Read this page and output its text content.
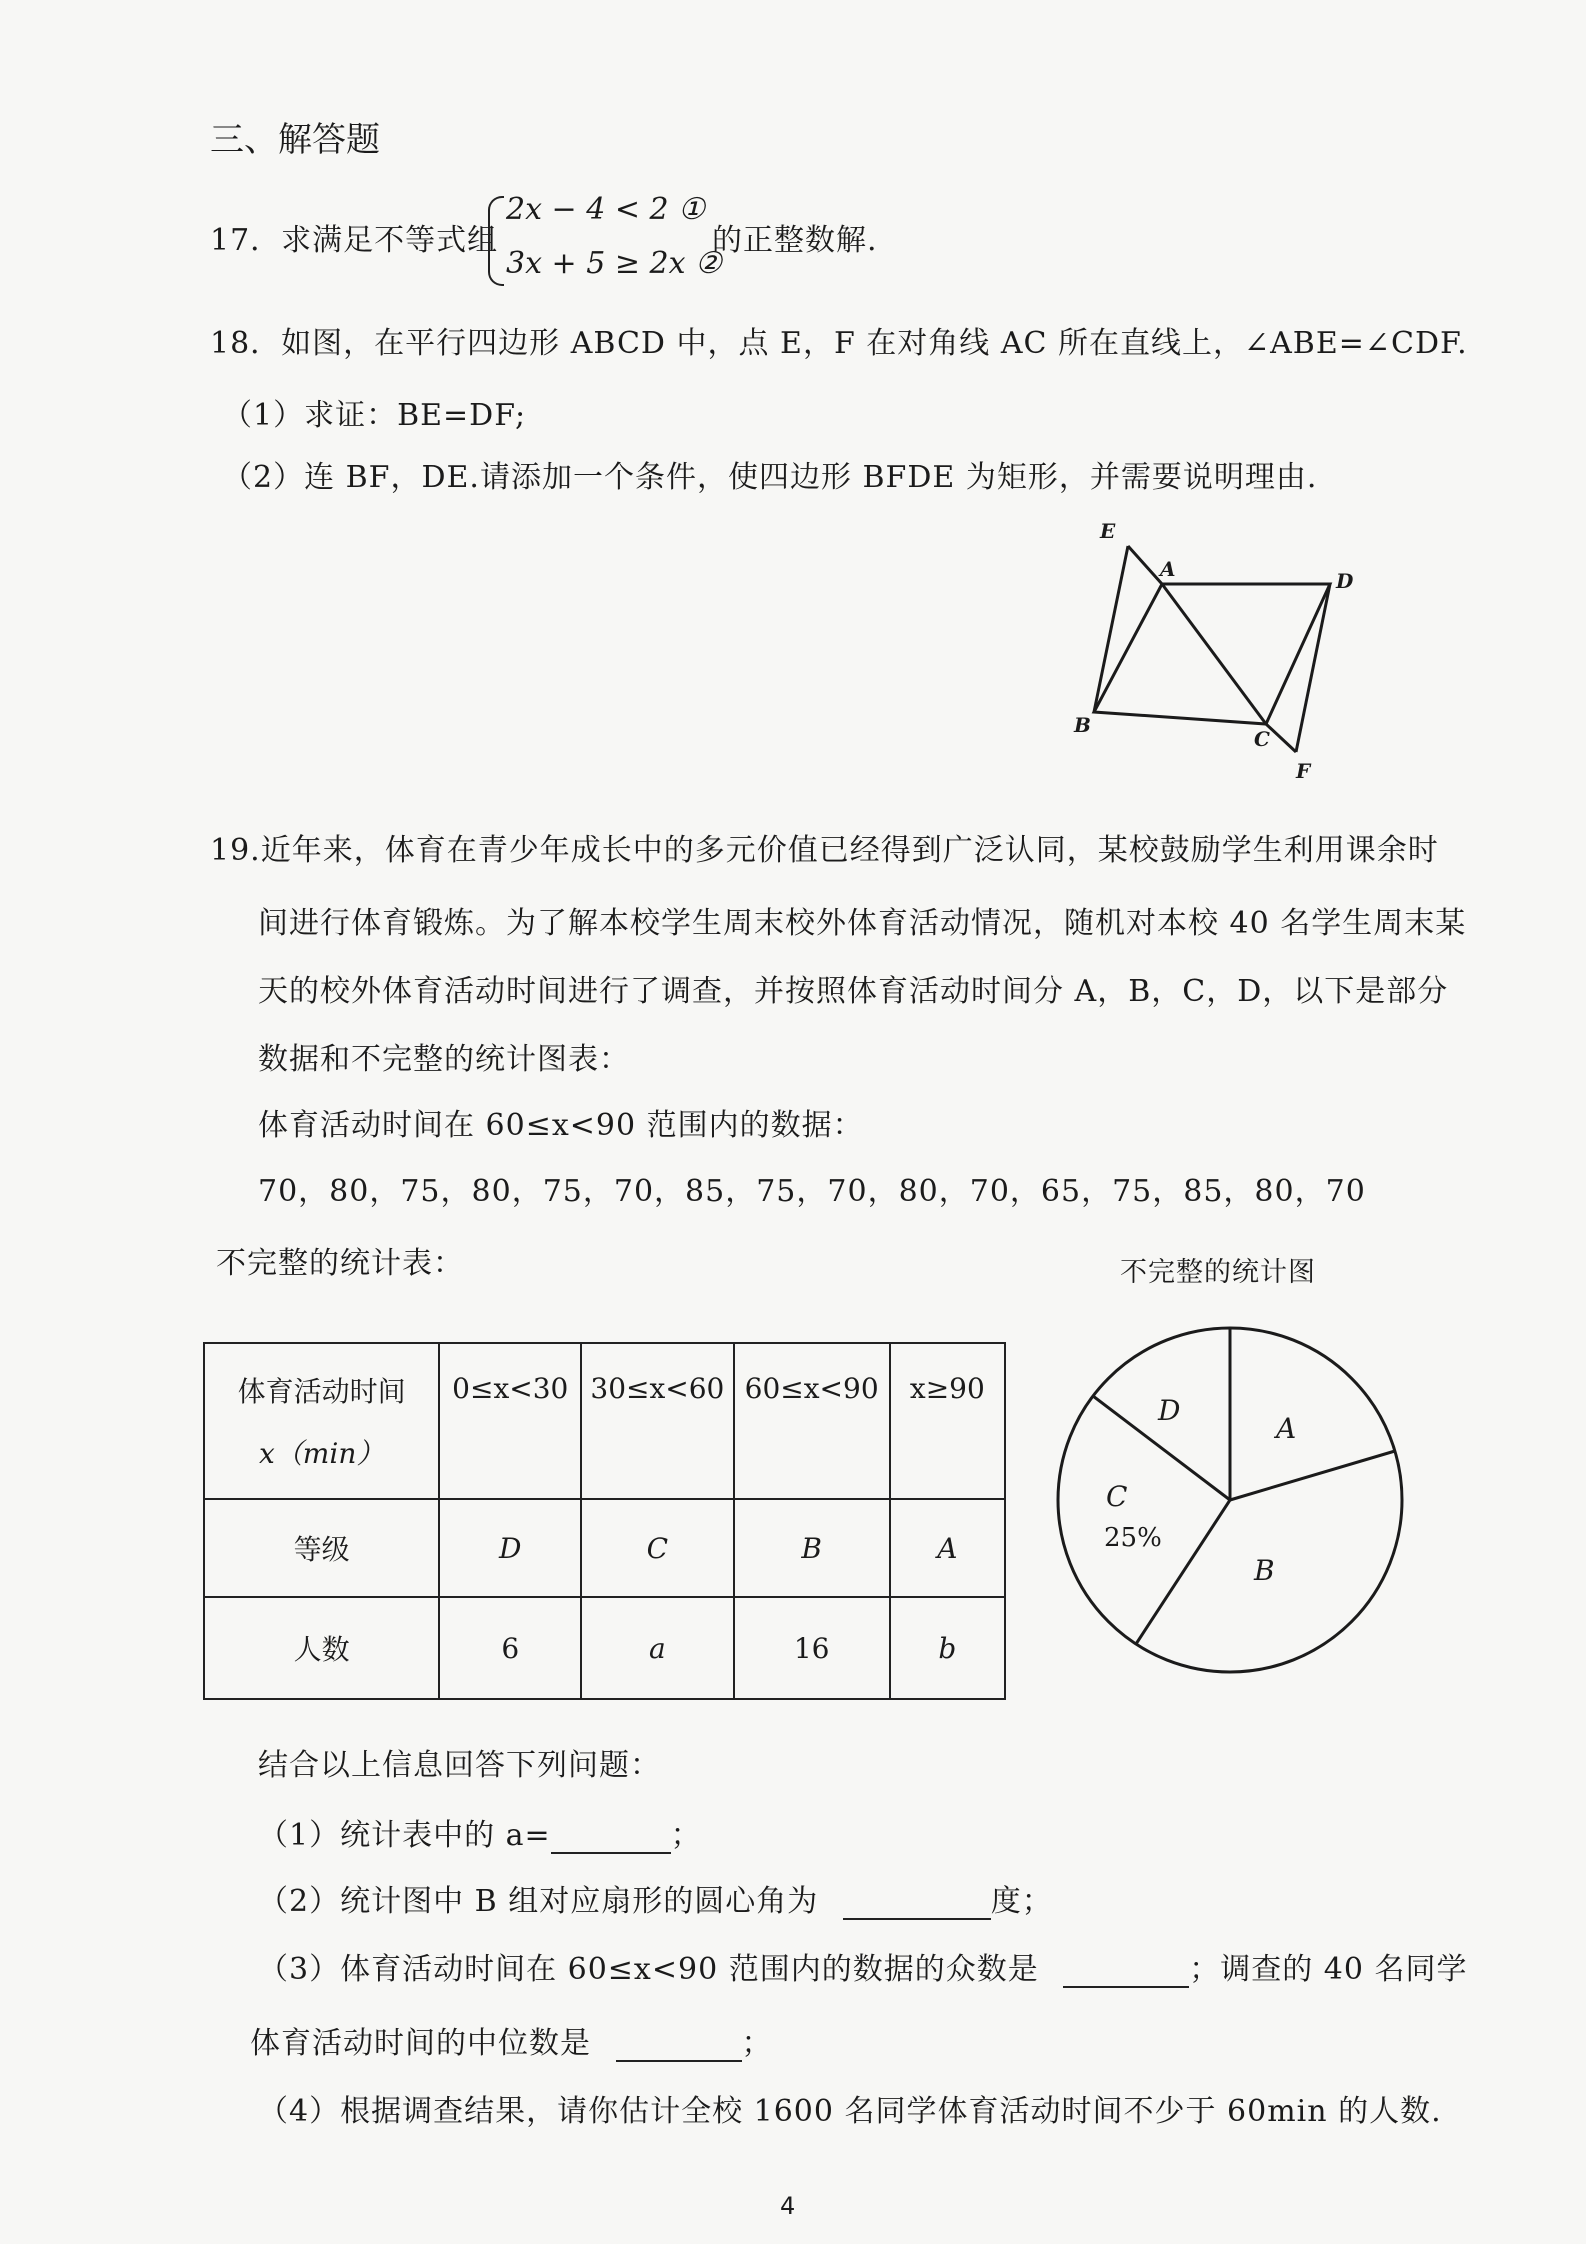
三、解答题
17．求满足不等式组
2x − 4 < 2 ①
3x + 5 ≥ 2x ②
的正整数解.
18．如图，在平行四边形 ABCD 中，点 E，F 在对角线 AC 所在直线上，∠ABE=∠CDF.
（1）求证：BE=DF;
（2）连 BF，DE.请添加一个条件，使四边形 BFDE 为矩形，并需要说明理由.
E
A	D
B
C
F
19.近年来，体育在青少年成长中的多元价值已经得到广泛认同，某校鼓励学生利用课余时
间进行体育锻炼。为了解本校学生周末校外体育活动情况，随机对本校 40 名学生周末某
天的校外体育活动时间进行了调查，并按照体育活动时间分 A，B，C，D，以下是部分
数据和不完整的统计图表：
体育活动时间在 60≤x<90 范围内的数据：
70，80，75，80，75，70，85，75，70，80，70，65，75，85，80，70
不完整的统计表：	不完整的统计图
体育活动时间
x（min）	0≤x<30	30≤x<60	60≤x<90	x≥90
等级	D	C	B	A
人数	6	a	16	b
A
B
C
D
25%
结合以上信息回答下列问题：
（1）统计表中的 a=	；
（2）统计图中 B 组对应扇形的圆心角为	度；
（3）体育活动时间在 60≤x<90 范围内的数据的众数是	；调查的 40 名同学
体育活动时间的中位数是	；
（4）根据调查结果，请你估计全校 1600 名同学体育活动时间不少于 60min 的人数.
4
